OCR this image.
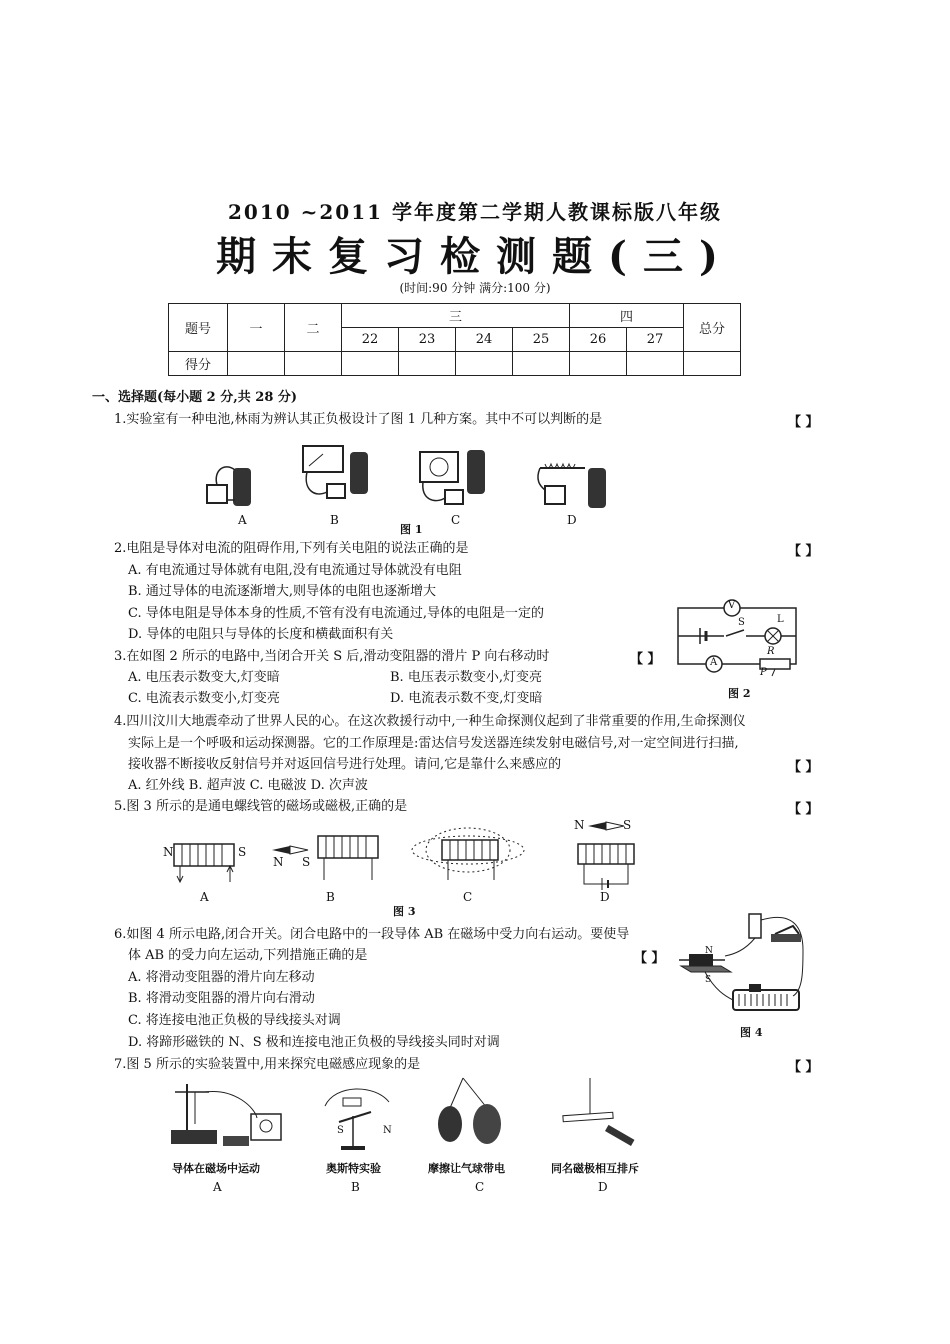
2010 ~2011 学年度第二学期人教课标版八年级
期末复习检测题(三)
(时间:90 分钟 满分:100 分)
题号	一	二	三				四		总分
			22	23	24	25	26	27	
得分									
一、选择题(每小题 2 分,共 28 分)
1.实验室有一种电池,林雨为辨认其正负极设计了图 1 几种方案。其中不可以判断的是	【 】
A	B	C	D
图 1
2.电阻是导体对电流的阻碍作用,下列有关电阻的说法正确的是	【 】
A. 有电流通过导体就有电阻,没有电流通过导体就没有电阻
B. 通过导体的电流逐渐增大,则导体的电阻也逐渐增大
C. 导体电阻是导体本身的性质,不管有没有电流通过,导体的电阻是一定的
D. 导体的电阻只与导体的长度和横截面积有关
V
A
S	L
R
P
图 2
3.在如图 2 所示的电路中,当闭合开关 S 后,滑动变阻器的滑片 P 向右移动时	【 】
A. 电压表示数变大,灯变暗	B. 电压表示数变小,灯变亮
C. 电流表示数变小,灯变亮	D. 电流表示数不变,灯变暗
4.四川汶川大地震牵动了世界人民的心。在这次救援行动中,一种生命探测仪起到了非常重要的作用,生命探测仪
实际上是一个呼吸和运动探测器。它的工作原理是:雷达信号发送器连续发射电磁信号,对一定空间进行扫描,
接收器不断接收反射信号并对返回信号进行处理。请问,它是靠什么来感应的	【 】
A. 红外线 B. 超声波 C. 电磁波 D. 次声波
5.图 3 所示的是通电螺线管的磁场或磁极,正确的是	【 】
N	S
N S
N	S
A	B	C	D
图 3
6.如图 4 所示电路,闭合开关。闭合电路中的一段导体 AB 在磁场中受力向右运动。要使导
体 AB 的受力向左运动,下列措施正确的是	【 】
A. 将滑动变阻器的滑片向左移动
B. 将滑动变阻器的滑片向右滑动
C. 将连接电池正负极的导线接头对调
D. 将蹄形磁铁的 N、S 极和连接电池正负极的导线接头同时对调
N
S
图 4
7.图 5 所示的实验装置中,用来探究电磁感应现象的是	【 】
S	N
导体在磁场中运动	奥斯特实验	摩擦让气球带电	同名磁极相互排斥
A	B	C	D
